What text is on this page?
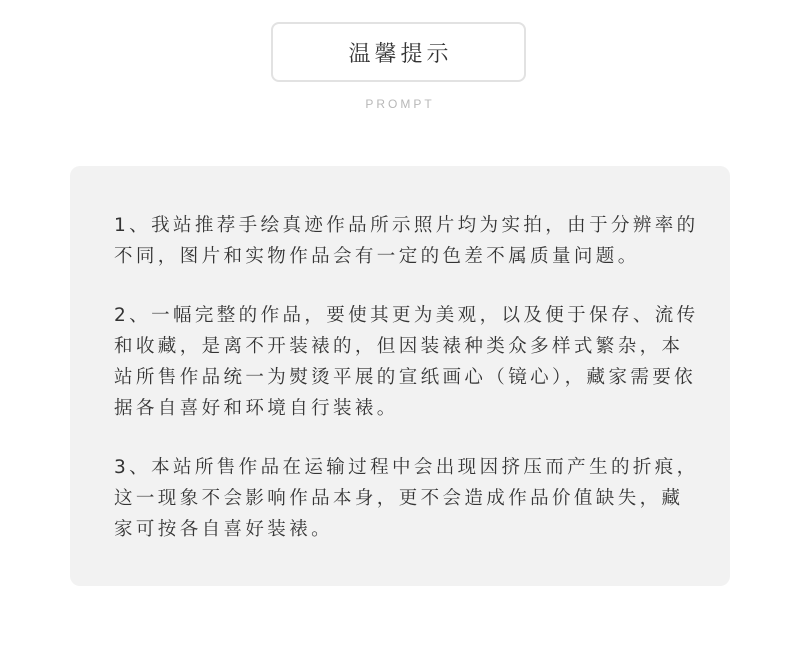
温馨提示
PROMPT

1、我站推荐手绘真迹作品所示照片均为实拍，由于分辨率的不同，图片和实物作品会有一定的色差不属质量问题。

2、一幅完整的作品，要使其更为美观，以及便于保存、流传和收藏，是离不开装裱的，但因装裱种类众多样式繁杂，本站所售作品统一为熨烫平展的宣纸画心（镜心），藏家需要依据各自喜好和环境自行装裱。

3、本站所售作品在运输过程中会出现因挤压而产生的折痕，这一现象不会影响作品本身，更不会造成作品价值缺失，藏家可按各自喜好装裱。
